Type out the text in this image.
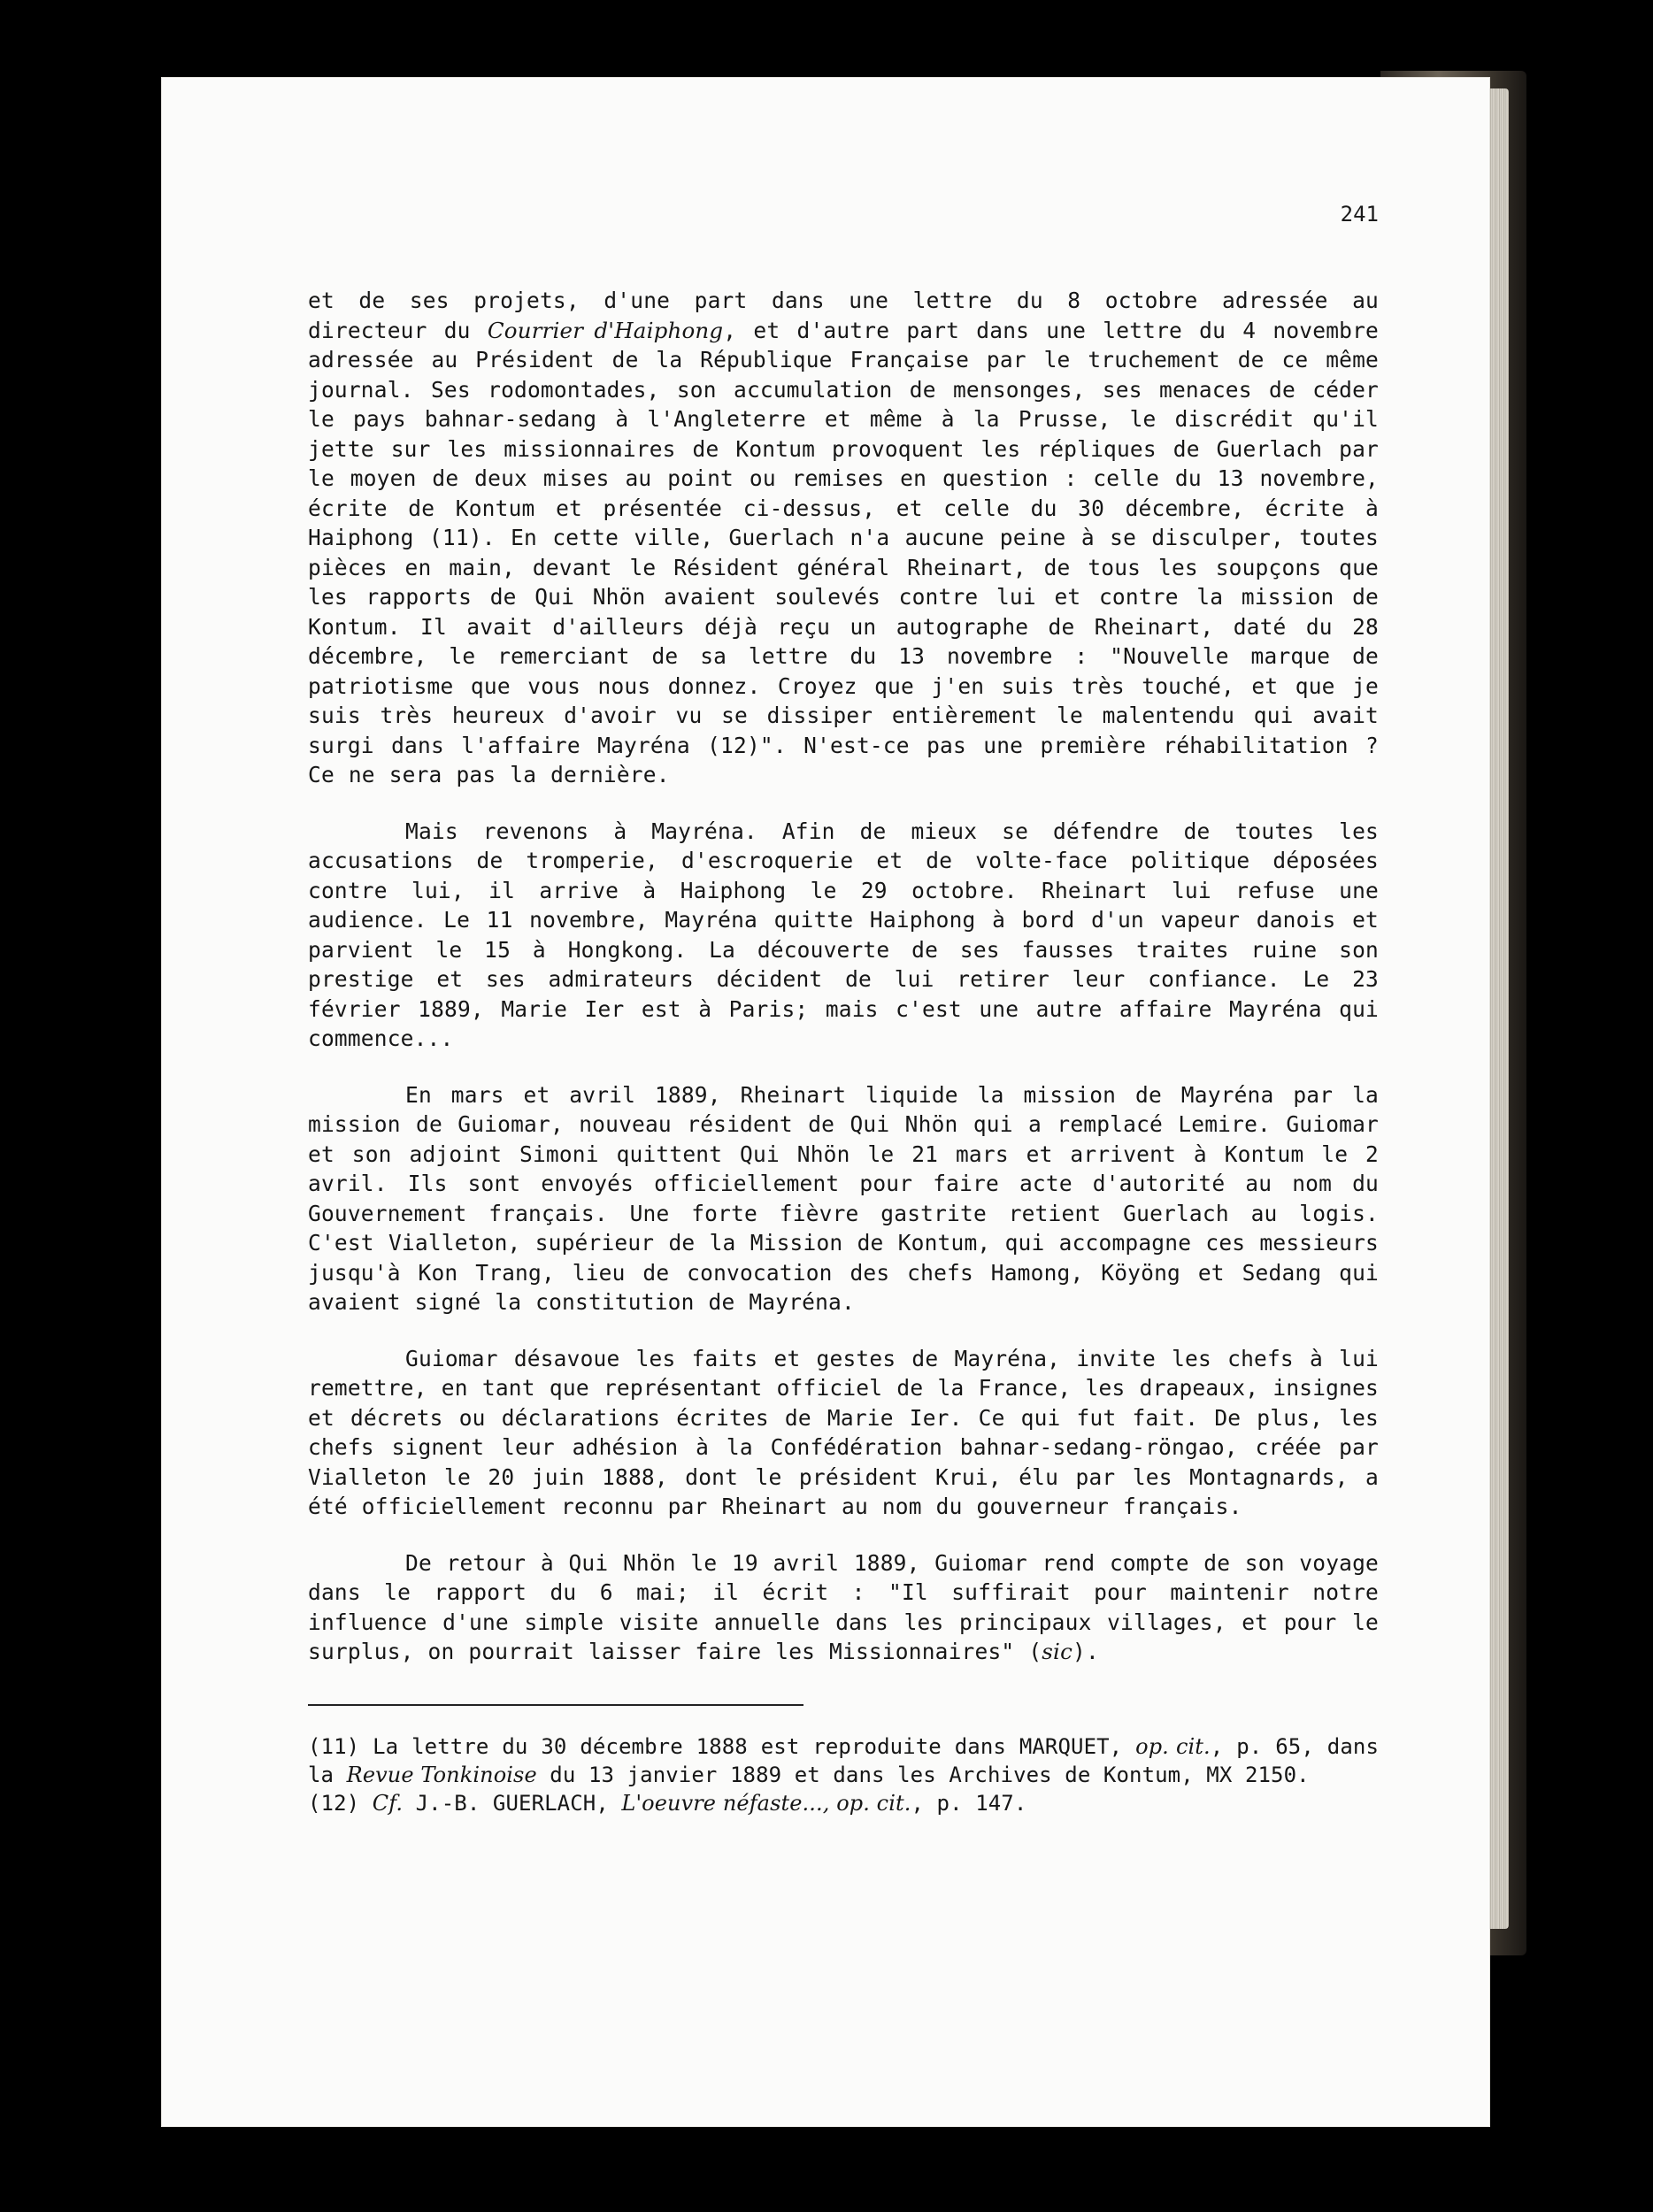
241

et de ses projets, d'une part dans une lettre du 8 octobre adressée au directeur du Courrier d'Haiphong, et d'autre part dans une lettre du 4 novembre adressée au Président de la République Française par le truchement de ce même journal. Ses rodomontades, son accumulation de mensonges, ses menaces de céder le pays bahnar-sedang à l'Angleterre et même à la Prusse, le discrédit qu'il jette sur les missionnaires de Kontum provoquent les répliques de Guerlach par le moyen de deux mises au point ou remises en question : celle du 13 novembre, écrite de Kontum et présentée ci-dessus, et celle du 30 décembre, écrite à Haiphong (11). En cette ville, Guerlach n'a aucune peine à se disculper, toutes pièces en main, devant le Résident général Rheinart, de tous les soupçons que les rapports de Qui Nhön avaient soulevés contre lui et contre la mission de Kontum. Il avait d'ailleurs déjà reçu un autographe de Rheinart, daté du 28 décembre, le remerciant de sa lettre du 13 novembre : "Nouvelle marque de patriotisme que vous nous donnez. Croyez que j'en suis très touché, et que je suis très heureux d'avoir vu se dissiper entièrement le malentendu qui avait surgi dans l'affaire Mayréna (12)". N'est-ce pas une première réhabilitation ? Ce ne sera pas la dernière.

Mais revenons à Mayréna. Afin de mieux se défendre de toutes les accusations de tromperie, d'escroquerie et de volte-face politique déposées contre lui, il arrive à Haiphong le 29 octobre. Rheinart lui refuse une audience. Le 11 novembre, Mayréna quitte Haiphong à bord d'un vapeur danois et parvient le 15 à Hongkong. La découverte de ses fausses traites ruine son prestige et ses admirateurs décident de lui retirer leur confiance. Le 23 février 1889, Marie Ier est à Paris; mais c'est une autre affaire Mayréna qui commence...

En mars et avril 1889, Rheinart liquide la mission de Mayréna par la mission de Guiomar, nouveau résident de Qui Nhön qui a remplacé Lemire. Guiomar et son adjoint Simoni quittent Qui Nhön le 21 mars et arrivent à Kontum le 2 avril. Ils sont envoyés officiellement pour faire acte d'autorité au nom du Gouvernement français. Une forte fièvre gastrite retient Guerlach au logis. C'est Vialleton, supérieur de la Mission de Kontum, qui accompagne ces messieurs jusqu'à Kon Trang, lieu de convocation des chefs Hamong, Köyöng et Sedang qui avaient signé la constitution de Mayréna.

Guiomar désavoue les faits et gestes de Mayréna, invite les chefs à lui remettre, en tant que représentant officiel de la France, les drapeaux, insignes et décrets ou déclarations écrites de Marie Ier. Ce qui fut fait. De plus, les chefs signent leur adhésion à la Confédération bahnar-sedang-röngao, créée par Vialleton le 20 juin 1888, dont le président Krui, élu par les Montagnards, a été officiellement reconnu par Rheinart au nom du gouverneur français.

De retour à Qui Nhön le 19 avril 1889, Guiomar rend compte de son voyage dans le rapport du 6 mai; il écrit : "Il suffirait pour maintenir notre influence d'une simple visite annuelle dans les principaux villages, et pour le surplus, on pourrait laisser faire les Missionnaires" (sic).

(11) La lettre du 30 décembre 1888 est reproduite dans MARQUET, op. cit., p. 65, dans la Revue Tonkinoise du 13 janvier 1889 et dans les Archives de Kontum, MX 2150.

(12) Cf. J.-B. GUERLACH, L'oeuvre néfaste..., op. cit., p. 147.
